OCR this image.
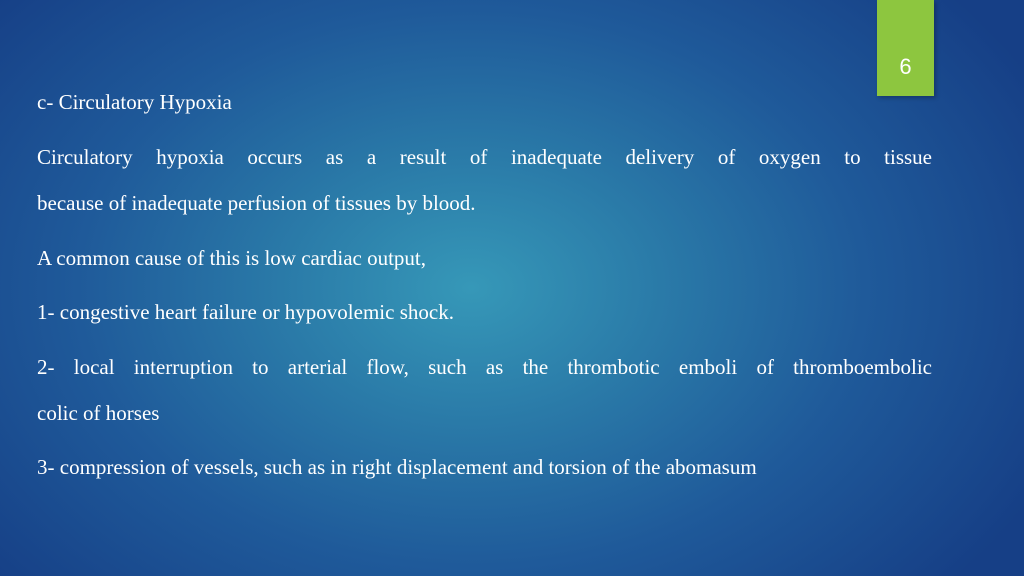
6
c- Circulatory Hypoxia
Circulatory hypoxia occurs as a result of inadequate delivery of oxygen to tissue
because of inadequate perfusion of tissues by blood.
A common cause of this is low cardiac output,
1- congestive heart failure or hypovolemic shock.
2- local interruption to arterial flow, such as the thrombotic emboli of thromboembolic
colic of horses
3- compression of vessels, such as in right displacement and torsion of the abomasum
